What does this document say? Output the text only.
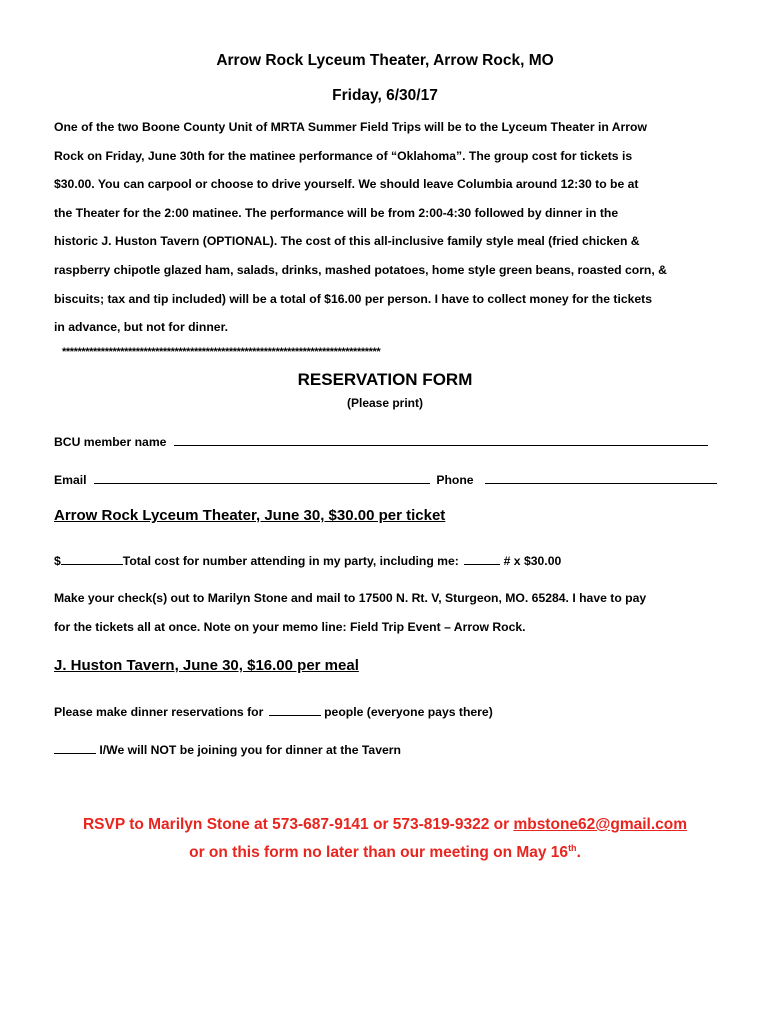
Arrow Rock Lyceum Theater, Arrow Rock, MO
Friday, 6/30/17
One of the two Boone County Unit of MRTA Summer Field Trips will be to the Lyceum Theater in Arrow
Rock on Friday, June 30th for the matinee performance of “Oklahoma”. The group cost for tickets is
$30.00. You can carpool or choose to drive yourself. We should leave Columbia around 12:30 to be at
the Theater for the 2:00 matinee. The performance will be from 2:00-4:30 followed by dinner in the
historic J. Huston Tavern (OPTIONAL). The cost of this all-inclusive family style meal (fried chicken &
raspberry chipotle glazed ham, salads, drinks, mashed potatoes, home style green beans, roasted corn, &
biscuits; tax and tip included) will be a total of $16.00 per person. I have to collect money for the tickets
in advance, but not for dinner.
**********************************************************************************
RESERVATION FORM
(Please print)
BCU member name
Email	Phone
Arrow Rock Lyceum Theater, June 30, $30.00 per ticket
$	Total cost for number attending in my party, including me:	# x $30.00
Make your check(s) out to Marilyn Stone and mail to 17500 N. Rt. V, Sturgeon, MO. 65284. I have to pay
for the tickets all at once. Note on your memo line: Field Trip Event – Arrow Rock.
J. Huston Tavern, June 30, $16.00 per meal
Please make dinner reservations for	people (everyone pays there)
I/We will NOT be joining you for dinner at the Tavern
RSVP to Marilyn Stone at 573-687-9141 or 573-819-9322 or mbstone62@gmail.com
or on this form no later than our meeting on May 16th.
